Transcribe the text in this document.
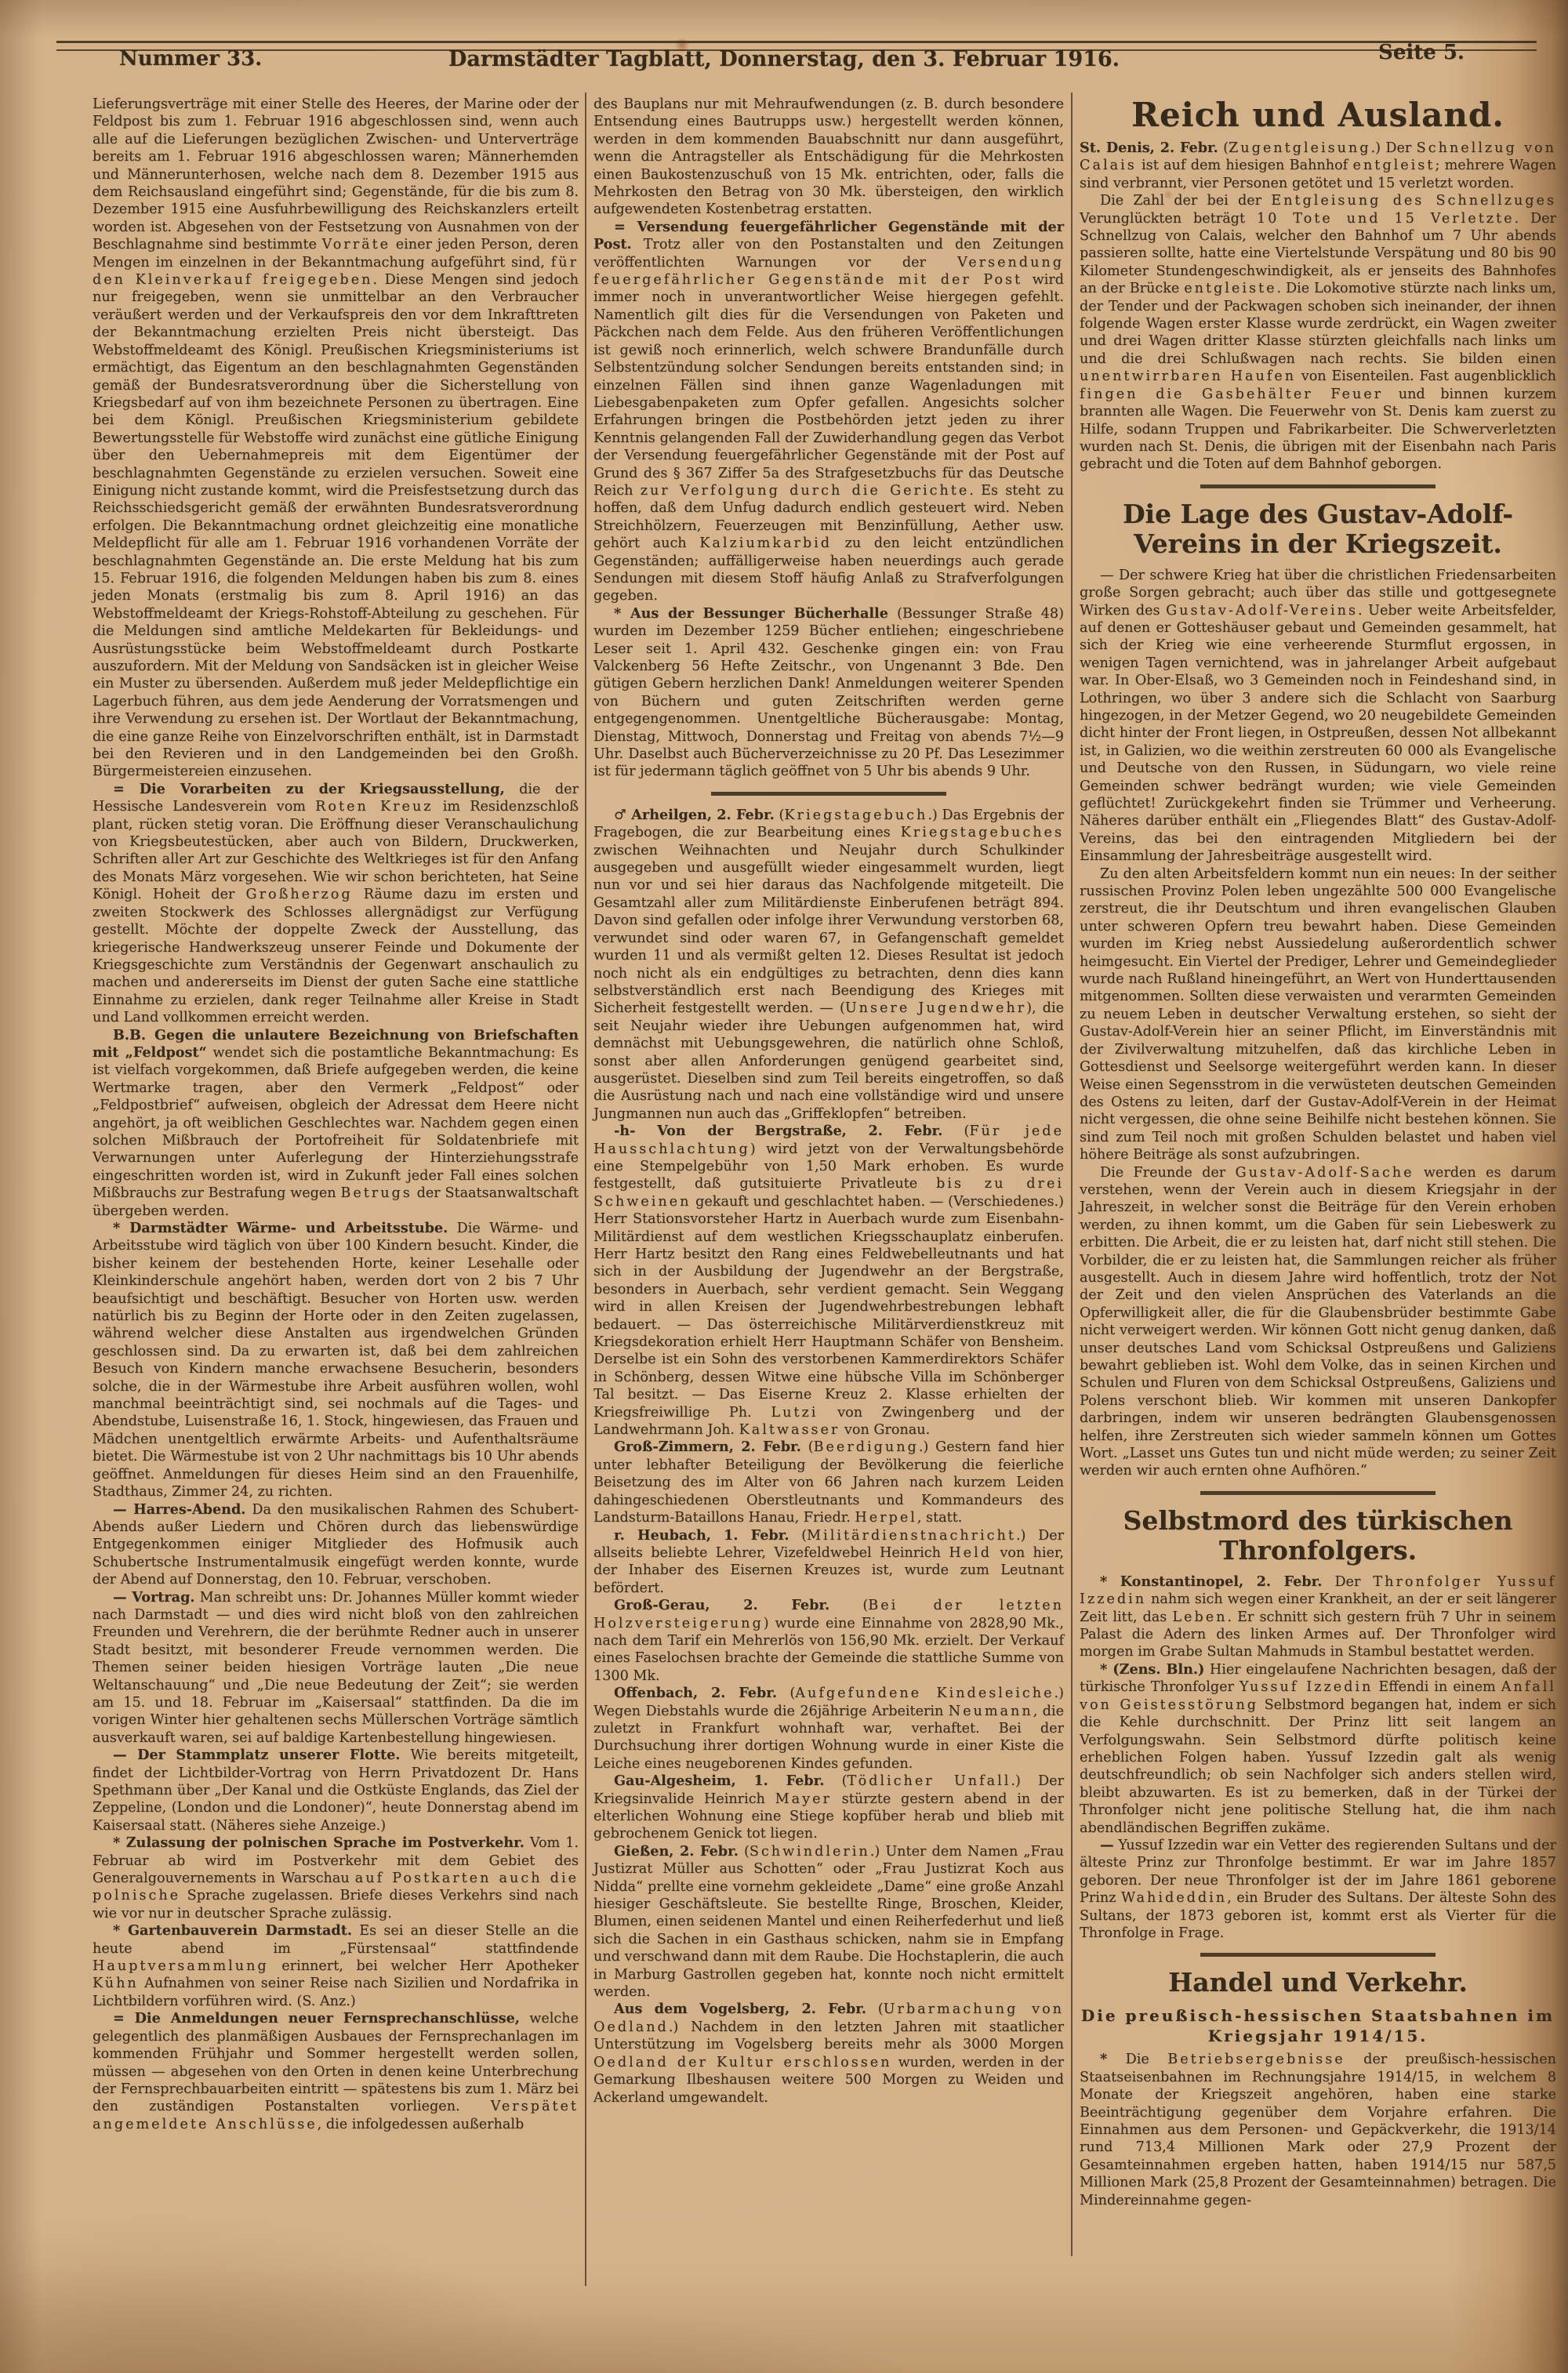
Nummer 33.	Darmstädter Tagblatt, Donnerstag, den 3. Februar 1916.	Seite 5.

Lieferungsverträge mit einer Stelle des Heeres, der Marine oder der Feldpost bis zum 1. Februar 1916 abgeschlossen sind, wenn auch alle auf die Lieferungen bezüglichen Zwischen- und Unterverträge bereits am 1. Februar 1916 abgeschlossen waren; Männerhemden und Männerunterhosen, welche nach dem 8. Dezember 1915 aus dem Reichsausland eingeführt sind; Gegenstände, für die bis zum 8. Dezember 1915 eine Ausfuhrbewilligung des Reichskanzlers erteilt worden ist. Abgesehen von der Festsetzung von Ausnahmen von der Beschlagnahme sind bestimmte Vorräte einer jeden Person, deren Mengen im einzelnen in der Bekanntmachung aufgeführt sind, für den Kleinverkauf freigegeben. Diese Mengen sind jedoch nur freigegeben, wenn sie unmittelbar an den Verbraucher veräußert werden und der Verkaufspreis den vor dem Inkrafttreten der Bekanntmachung erzielten Preis nicht übersteigt. Das Webstoffmeldeamt des Königl. Preußischen Kriegsministeriums ist ermächtigt, das Eigentum an den beschlagnahmten Gegenständen gemäß der Bundesratsverordnung über die Sicherstellung von Kriegsbedarf auf von ihm bezeichnete Personen zu übertragen. Eine bei dem Königl. Preußischen Kriegsministerium gebildete Bewertungsstelle für Webstoffe wird zunächst eine gütliche Einigung über den Uebernahmepreis mit dem Eigentümer der beschlagnahmten Gegenstände zu erzielen versuchen. Soweit eine Einigung nicht zustande kommt, wird die Preisfestsetzung durch das Reichsschiedsgericht gemäß der erwähnten Bundesratsverordnung erfolgen. Die Bekanntmachung ordnet gleichzeitig eine monatliche Meldepflicht für alle am 1. Februar 1916 vorhandenen Vorräte der beschlagnahmten Gegenstände an. Die erste Meldung hat bis zum 15. Februar 1916, die folgenden Meldungen haben bis zum 8. eines jeden Monats (erstmalig bis zum 8. April 1916) an das Webstoffmeldeamt der Kriegs-Rohstoff-Abteilung zu geschehen. Für die Meldungen sind amtliche Meldekarten für Bekleidungs- und Ausrüstungsstücke beim Webstoffmeldeamt durch Postkarte auszufordern. Mit der Meldung von Sandsäcken ist in gleicher Weise ein Muster zu übersenden. Außerdem muß jeder Meldepflichtige ein Lagerbuch führen, aus dem jede Aenderung der Vorratsmengen und ihre Verwendung zu ersehen ist. Der Wortlaut der Bekanntmachung, die eine ganze Reihe von Einzelvorschriften enthält, ist in Darmstadt bei den Revieren und in den Landgemeinden bei den Großh. Bürgermeistereien einzusehen.

= Die Vorarbeiten zu der Kriegsausstellung, die der Hessische Landesverein vom Roten Kreuz im Residenzschloß plant, rücken stetig voran. Die Eröffnung dieser Veranschaulichung von Kriegsbeutestücken, aber auch von Bildern, Druckwerken, Schriften aller Art zur Geschichte des Weltkrieges ist für den Anfang des Monats März vorgesehen. Wie wir schon berichteten, hat Seine Königl. Hoheit der Großherzog Räume dazu im ersten und zweiten Stockwerk des Schlosses allergnädigst zur Verfügung gestellt. Möchte der doppelte Zweck der Ausstellung, das kriegerische Handwerkszeug unserer Feinde und Dokumente der Kriegsgeschichte zum Verständnis der Gegenwart anschaulich zu machen und andererseits im Dienst der guten Sache eine stattliche Einnahme zu erzielen, dank reger Teilnahme aller Kreise in Stadt und Land vollkommen erreicht werden.

B.B. Gegen die unlautere Bezeichnung von Briefschaften mit „Feldpost“ wendet sich die postamtliche Bekanntmachung: Es ist vielfach vorgekommen, daß Briefe aufgegeben werden, die keine Wertmarke tragen, aber den Vermerk „Feldpost“ oder „Feldpostbrief“ aufweisen, obgleich der Adressat dem Heere nicht angehört, ja oft weiblichen Geschlechtes war. Nachdem gegen einen solchen Mißbrauch der Portofreiheit für Soldatenbriefe mit Verwarnungen unter Auferlegung der Hinterziehungsstrafe eingeschritten worden ist, wird in Zukunft jeder Fall eines solchen Mißbrauchs zur Bestrafung wegen Betrugs der Staatsanwaltschaft übergeben werden.

* Darmstädter Wärme- und Arbeitsstube. Die Wärme- und Arbeitsstube wird täglich von über 100 Kindern besucht. Kinder, die bisher keinem der bestehenden Horte, keiner Lesehalle oder Kleinkinderschule angehört haben, werden dort von 2 bis 7 Uhr beaufsichtigt und beschäftigt. Besucher von Horten usw. werden natürlich bis zu Beginn der Horte oder in den Zeiten zugelassen, während welcher diese Anstalten aus irgendwelchen Gründen geschlossen sind. Da zu erwarten ist, daß bei dem zahlreichen Besuch von Kindern manche erwachsene Besucherin, besonders solche, die in der Wärmestube ihre Arbeit ausführen wollen, wohl manchmal beeinträchtigt sind, sei nochmals auf die Tages- und Abendstube, Luisenstraße 16, 1. Stock, hingewiesen, das Frauen und Mädchen unentgeltlich erwärmte Arbeits- und Aufenthaltsräume bietet. Die Wärmestube ist von 2 Uhr nachmittags bis 10 Uhr abends geöffnet. Anmeldungen für dieses Heim sind an den Frauenhilfe, Stadthaus, Zimmer 24, zu richten.

— Harres-Abend. Da den musikalischen Rahmen des Schubert-Abends außer Liedern und Chören durch das liebenswürdige Entgegenkommen einiger Mitglieder des Hofmusik auch Schubertsche Instrumentalmusik eingefügt werden konnte, wurde der Abend auf Donnerstag, den 10. Februar, verschoben.

— Vortrag. Man schreibt uns: Dr. Johannes Müller kommt wieder nach Darmstadt — und dies wird nicht bloß von den zahlreichen Freunden und Verehrern, die der berühmte Redner auch in unserer Stadt besitzt, mit besonderer Freude vernommen werden. Die Themen seiner beiden hiesigen Vorträge lauten „Die neue Weltanschauung“ und „Die neue Bedeutung der Zeit“; sie werden am 15. und 18. Februar im „Kaisersaal“ stattfinden. Da die im vorigen Winter hier gehaltenen sechs Müllerschen Vorträge sämtlich ausverkauft waren, sei auf baldige Kartenbestellung hingewiesen.

— Der Stammplatz unserer Flotte. Wie bereits mitgeteilt, findet der Lichtbilder-Vortrag von Herrn Privatdozent Dr. Hans Spethmann über „Der Kanal und die Ostküste Englands, das Ziel der Zeppeline, (London und die Londoner)“, heute Donnerstag abend im Kaisersaal statt. (Näheres siehe Anzeige.)

* Zulassung der polnischen Sprache im Postverkehr. Vom 1. Februar ab wird im Postverkehr mit dem Gebiet des Generalgouvernements in Warschau auf Postkarten auch die polnische Sprache zugelassen. Briefe dieses Verkehrs sind nach wie vor nur in deutscher Sprache zulässig.

* Gartenbauverein Darmstadt. Es sei an dieser Stelle an die heute abend im „Fürstensaal“ stattfindende Hauptversammlung erinnert, bei welcher Herr Apotheker Kühn Aufnahmen von seiner Reise nach Sizilien und Nordafrika in Lichtbildern vorführen wird. (S. Anz.)

= Die Anmeldungen neuer Fernsprechanschlüsse, welche gelegentlich des planmäßigen Ausbaues der Fernsprechanlagen im kommenden Frühjahr und Sommer hergestellt werden sollen, müssen — abgesehen von den Orten in denen keine Unterbrechung der Fernsprechbauarbeiten eintritt — spätestens bis zum 1. März bei den zuständigen Postanstalten vorliegen. Verspätet angemeldete Anschlüsse, die infolgedessen außerhalb

des Bauplans nur mit Mehraufwendungen (z. B. durch besondere Entsendung eines Bautrupps usw.) hergestellt werden können, werden in dem kommenden Bauabschnitt nur dann ausgeführt, wenn die Antragsteller als Entschädigung für die Mehrkosten einen Baukostenzuschuß von 15 Mk. entrichten, oder, falls die Mehrkosten den Betrag von 30 Mk. übersteigen, den wirklich aufgewendeten Kostenbetrag erstatten.

= Versendung feuergefährlicher Gegenstände mit der Post. Trotz aller von den Postanstalten und den Zeitungen veröffentlichten Warnungen vor der Versendung feuergefährlicher Gegenstände mit der Post wird immer noch in unverantwortlicher Weise hiergegen gefehlt. Namentlich gilt dies für die Versendungen von Paketen und Päckchen nach dem Felde. Aus den früheren Veröffentlichungen ist gewiß noch erinnerlich, welch schwere Brandunfälle durch Selbstentzündung solcher Sendungen bereits entstanden sind; in einzelnen Fällen sind ihnen ganze Wagenladungen mit Liebesgabenpaketen zum Opfer gefallen. Angesichts solcher Erfahrungen bringen die Postbehörden jetzt jeden zu ihrer Kenntnis gelangenden Fall der Zuwiderhandlung gegen das Verbot der Versendung feuergefährlicher Gegenstände mit der Post auf Grund des § 367 Ziffer 5a des Strafgesetzbuchs für das Deutsche Reich zur Verfolgung durch die Gerichte. Es steht zu hoffen, daß dem Unfug dadurch endlich gesteuert wird. Neben Streichhölzern, Feuerzeugen mit Benzinfüllung, Aether usw. gehört auch Kalziumkarbid zu den leicht entzündlichen Gegenständen; auffälligerweise haben neuerdings auch gerade Sendungen mit diesem Stoff häufig Anlaß zu Strafverfolgungen gegeben.

* Aus der Bessunger Bücherhalle (Bessunger Straße 48) wurden im Dezember 1259 Bücher entliehen; eingeschriebene Leser seit 1. April 432. Geschenke gingen ein: von Frau Valckenberg 56 Hefte Zeitschr., von Ungenannt 3 Bde. Den gütigen Gebern herzlichen Dank! Anmeldungen weiterer Spenden von Büchern und guten Zeitschriften werden gerne entgegengenommen. Unentgeltliche Bücherausgabe: Montag, Dienstag, Mittwoch, Donnerstag und Freitag von abends 7½—9 Uhr. Daselbst auch Bücherverzeichnisse zu 20 Pf. Das Lesezimmer ist für jedermann täglich geöffnet von 5 Uhr bis abends 9 Uhr.

♂ Arheilgen, 2. Febr. (Kriegstagebuch.) Das Ergebnis der Fragebogen, die zur Bearbeitung eines Kriegstagebuches zwischen Weihnachten und Neujahr durch Schulkinder ausgegeben und ausgefüllt wieder eingesammelt wurden, liegt nun vor und sei hier daraus das Nachfolgende mitgeteilt. Die Gesamtzahl aller zum Militärdienste Einberufenen beträgt 894. Davon sind gefallen oder infolge ihrer Verwundung verstorben 68, verwundet sind oder waren 67, in Gefangenschaft gemeldet wurden 11 und als vermißt gelten 12. Dieses Resultat ist jedoch noch nicht als ein endgültiges zu betrachten, denn dies kann selbstverständlich erst nach Beendigung des Krieges mit Sicherheit festgestellt werden. — (Unsere Jugendwehr), die seit Neujahr wieder ihre Uebungen aufgenommen hat, wird demnächst mit Uebungsgewehren, die natürlich ohne Schloß, sonst aber allen Anforderungen genügend gearbeitet sind, ausgerüstet. Dieselben sind zum Teil bereits eingetroffen, so daß die Ausrüstung nach und nach eine vollständige wird und unsere Jungmannen nun auch das „Griffeklopfen“ betreiben.

-h- Von der Bergstraße, 2. Febr. (Für jede Hausschlachtung) wird jetzt von der Verwaltungsbehörde eine Stempelgebühr von 1,50 Mark erhoben. Es wurde festgestellt, daß gutsituierte Privatleute bis zu drei Schweinen gekauft und geschlachtet haben. — (Verschiedenes.) Herr Stationsvorsteher Hartz in Auerbach wurde zum Eisenbahn-Militärdienst auf dem westlichen Kriegsschauplatz einberufen. Herr Hartz besitzt den Rang eines Feldwebelleutnants und hat sich in der Ausbildung der Jugendwehr an der Bergstraße, besonders in Auerbach, sehr verdient gemacht. Sein Weggang wird in allen Kreisen der Jugendwehrbestrebungen lebhaft bedauert. — Das österreichische Militärverdienstkreuz mit Kriegsdekoration erhielt Herr Hauptmann Schäfer von Bensheim. Derselbe ist ein Sohn des verstorbenen Kammerdirektors Schäfer in Schönberg, dessen Witwe eine hübsche Villa im Schönberger Tal besitzt. — Das Eiserne Kreuz 2. Klasse erhielten der Kriegsfreiwillige Ph. Lutzi von Zwingenberg und der Landwehrmann Joh. Kaltwasser von Gronau.

Groß-Zimmern, 2. Febr. (Beerdigung.) Gestern fand hier unter lebhafter Beteiligung der Bevölkerung die feierliche Beisetzung des im Alter von 66 Jahren nach kurzem Leiden dahingeschiedenen Oberstleutnants und Kommandeurs des Landsturm-Bataillons Hanau, Friedr. Herpel, statt.

r. Heubach, 1. Febr. (Militärdienstnachricht.) Der allseits beliebte Lehrer, Vizefeldwebel Heinrich Held von hier, der Inhaber des Eisernen Kreuzes ist, wurde zum Leutnant befördert.

Groß-Gerau, 2. Febr. (Bei der letzten Holzversteigerung) wurde eine Einnahme von 2828,90 Mk., nach dem Tarif ein Mehrerlös von 156,90 Mk. erzielt. Der Verkauf eines Faselochsen brachte der Gemeinde die stattliche Summe von 1300 Mk.

Offenbach, 2. Febr. (Aufgefundene Kindesleiche.) Wegen Diebstahls wurde die 26jährige Arbeiterin Neumann, die zuletzt in Frankfurt wohnhaft war, verhaftet. Bei der Durchsuchung ihrer dortigen Wohnung wurde in einer Kiste die Leiche eines neugeborenen Kindes gefunden.

Gau-Algesheim, 1. Febr. (Tödlicher Unfall.) Der Kriegsinvalide Heinrich Mayer stürzte gestern abend in der elterlichen Wohnung eine Stiege kopfüber herab und blieb mit gebrochenem Genick tot liegen.

Gießen, 2. Febr. (Schwindlerin.) Unter dem Namen „Frau Justizrat Müller aus Schotten“ oder „Frau Justizrat Koch aus Nidda“ prellte eine vornehm gekleidete „Dame“ eine große Anzahl hiesiger Geschäftsleute. Sie bestellte Ringe, Broschen, Kleider, Blumen, einen seidenen Mantel und einen Reiherfederhut und ließ sich die Sachen in ein Gasthaus schicken, nahm sie in Empfang und verschwand dann mit dem Raube. Die Hochstaplerin, die auch in Marburg Gastrollen gegeben hat, konnte noch nicht ermittelt werden.

Aus dem Vogelsberg, 2. Febr. (Urbarmachung von Oedland.) Nachdem in den letzten Jahren mit staatlicher Unterstützung im Vogelsberg bereits mehr als 3000 Morgen Oedland der Kultur erschlossen wurden, werden in der Gemarkung Ilbeshausen weitere 500 Morgen zu Weiden und Ackerland umgewandelt.

Reich und Ausland.

St. Denis, 2. Febr. (Zugentgleisung.) Der Schnellzug von Calais ist auf dem hiesigen Bahnhof entgleist; mehrere Wagen sind verbrannt, vier Personen getötet und 15 verletzt worden.

Die Zahl der bei der Entgleisung des Schnellzuges Verunglückten beträgt 10 Tote und 15 Verletzte. Der Schnellzug von Calais, welcher den Bahnhof um 7 Uhr abends passieren sollte, hatte eine Viertelstunde Verspätung und 80 bis 90 Kilometer Stundengeschwindigkeit, als er jenseits des Bahnhofes an der Brücke entgleiste. Die Lokomotive stürzte nach links um, der Tender und der Packwagen schoben sich ineinander, der ihnen folgende Wagen erster Klasse wurde zerdrückt, ein Wagen zweiter und drei Wagen dritter Klasse stürzten gleichfalls nach links um und die drei Schlußwagen nach rechts. Sie bilden einen unentwirrbaren Haufen von Eisenteilen. Fast augenblicklich fingen die Gasbehälter Feuer und binnen kurzem brannten alle Wagen. Die Feuerwehr von St. Denis kam zuerst zu Hilfe, sodann Truppen und Fabrikarbeiter. Die Schwerverletzten wurden nach St. Denis, die übrigen mit der Eisenbahn nach Paris gebracht und die Toten auf dem Bahnhof geborgen.

Die Lage des Gustav-Adolf-Vereins in der Kriegszeit.

— Der schwere Krieg hat über die christlichen Friedensarbeiten große Sorgen gebracht; auch über das stille und gottgesegnete Wirken des Gustav-Adolf-Vereins. Ueber weite Arbeitsfelder, auf denen er Gotteshäuser gebaut und Gemeinden gesammelt, hat sich der Krieg wie eine verheerende Sturmflut ergossen, in wenigen Tagen vernichtend, was in jahrelanger Arbeit aufgebaut war. In Ober-Elsaß, wo 3 Gemeinden noch in Feindeshand sind, in Lothringen, wo über 3 andere sich die Schlacht von Saarburg hingezogen, in der Metzer Gegend, wo 20 neugebildete Gemeinden dicht hinter der Front liegen, in Ostpreußen, dessen Not allbekannt ist, in Galizien, wo die weithin zerstreuten 60 000 als Evangelische und Deutsche von den Russen, in Südungarn, wo viele reine Gemeinden schwer bedrängt wurden; wie viele Gemeinden geflüchtet! Zurückgekehrt finden sie Trümmer und Verheerung. Näheres darüber enthält ein „Fliegendes Blatt“ des Gustav-Adolf-Vereins, das bei den eintragenden Mitgliedern bei der Einsammlung der Jahresbeiträge ausgestellt wird.

Zu den alten Arbeitsfeldern kommt nun ein neues: In der seither russischen Provinz Polen leben ungezählte 500 000 Evangelische zerstreut, die ihr Deutschtum und ihren evangelischen Glauben unter schweren Opfern treu bewahrt haben. Diese Gemeinden wurden im Krieg nebst Aussiedelung außerordentlich schwer heimgesucht. Ein Viertel der Prediger, Lehrer und Gemeindeglieder wurde nach Rußland hineingeführt, an Wert von Hunderttausenden mitgenommen. Sollten diese verwaisten und verarmten Gemeinden zu neuem Leben in deutscher Verwaltung erstehen, so sieht der Gustav-Adolf-Verein hier an seiner Pflicht, im Einverständnis mit der Zivilverwaltung mitzuhelfen, daß das kirchliche Leben in Gottesdienst und Seelsorge weitergeführt werden kann. In dieser Weise einen Segensstrom in die verwüsteten deutschen Gemeinden des Ostens zu leiten, darf der Gustav-Adolf-Verein in der Heimat nicht vergessen, die ohne seine Beihilfe nicht bestehen können. Sie sind zum Teil noch mit großen Schulden belastet und haben viel höhere Beiträge als sonst aufzubringen.

Die Freunde der Gustav-Adolf-Sache werden es darum verstehen, wenn der Verein auch in diesem Kriegsjahr in der Jahreszeit, in welcher sonst die Beiträge für den Verein erhoben werden, zu ihnen kommt, um die Gaben für sein Liebeswerk zu erbitten. Die Arbeit, die er zu leisten hat, darf nicht still stehen. Die Vorbilder, die er zu leisten hat, die Sammlungen reicher als früher ausgestellt. Auch in diesem Jahre wird hoffentlich, trotz der Not der Zeit und den vielen Ansprüchen des Vaterlands an die Opferwilligkeit aller, die für die Glaubensbrüder bestimmte Gabe nicht verweigert werden. Wir können Gott nicht genug danken, daß unser deutsches Land vom Schicksal Ostpreußens und Galiziens bewahrt geblieben ist. Wohl dem Volke, das in seinen Kirchen und Schulen und Fluren von dem Schicksal Ostpreußens, Galiziens und Polens verschont blieb. Wir kommen mit unseren Dankopfer darbringen, indem wir unseren bedrängten Glaubensgenossen helfen, ihre Zerstreuten sich wieder sammeln können um Gottes Wort. „Lasset uns Gutes tun und nicht müde werden; zu seiner Zeit werden wir auch ernten ohne Aufhören.“

Selbstmord des türkischen Thronfolgers.

* Konstantinopel, 2. Febr. Der Thronfolger Yussuf Izzedin nahm sich wegen einer Krankheit, an der er seit längerer Zeit litt, das Leben. Er schnitt sich gestern früh 7 Uhr in seinem Palast die Adern des linken Armes auf. Der Thronfolger wird morgen im Grabe Sultan Mahmuds in Stambul bestattet werden.

* (Zens. Bln.) Hier eingelaufene Nachrichten besagen, daß der türkische Thronfolger Yussuf Izzedin Effendi in einem Anfall von Geistesstörung Selbstmord begangen hat, indem er sich die Kehle durchschnitt. Der Prinz litt seit langem an Verfolgungswahn. Sein Selbstmord dürfte politisch keine erheblichen Folgen haben. Yussuf Izzedin galt als wenig deutschfreundlich; ob sein Nachfolger sich anders stellen wird, bleibt abzuwarten. Es ist zu bemerken, daß in der Türkei der Thronfolger nicht jene politische Stellung hat, die ihm nach abendländischen Begriffen zukäme.

— Yussuf Izzedin war ein Vetter des regierenden Sultans und der älteste Prinz zur Thronfolge bestimmt. Er war im Jahre 1857 geboren. Der neue Thronfolger ist der im Jahre 1861 geborene Prinz Wahideddin, ein Bruder des Sultans. Der älteste Sohn des Sultans, der 1873 geboren ist, kommt erst als Vierter für die Thronfolge in Frage.

Handel und Verkehr.
Die preußisch-hessischen Staatsbahnen im Kriegsjahr 1914/15.

* Die Betriebsergebnisse der preußisch-hessischen Staatseisenbahnen im Rechnungsjahre 1914/15, in welchem 8 Monate der Kriegszeit angehören, haben eine starke Beeinträchtigung gegenüber dem Vorjahre erfahren. Die Einnahmen aus dem Personen- und Gepäckverkehr, die 1913/14 rund 713,4 Millionen Mark oder 27,9 Prozent der Gesamteinnahmen ergeben hatten, haben 1914/15 nur 587,5 Millionen Mark (25,8 Prozent der Gesamteinnahmen) betragen. Die Mindereinnahme gegen-
